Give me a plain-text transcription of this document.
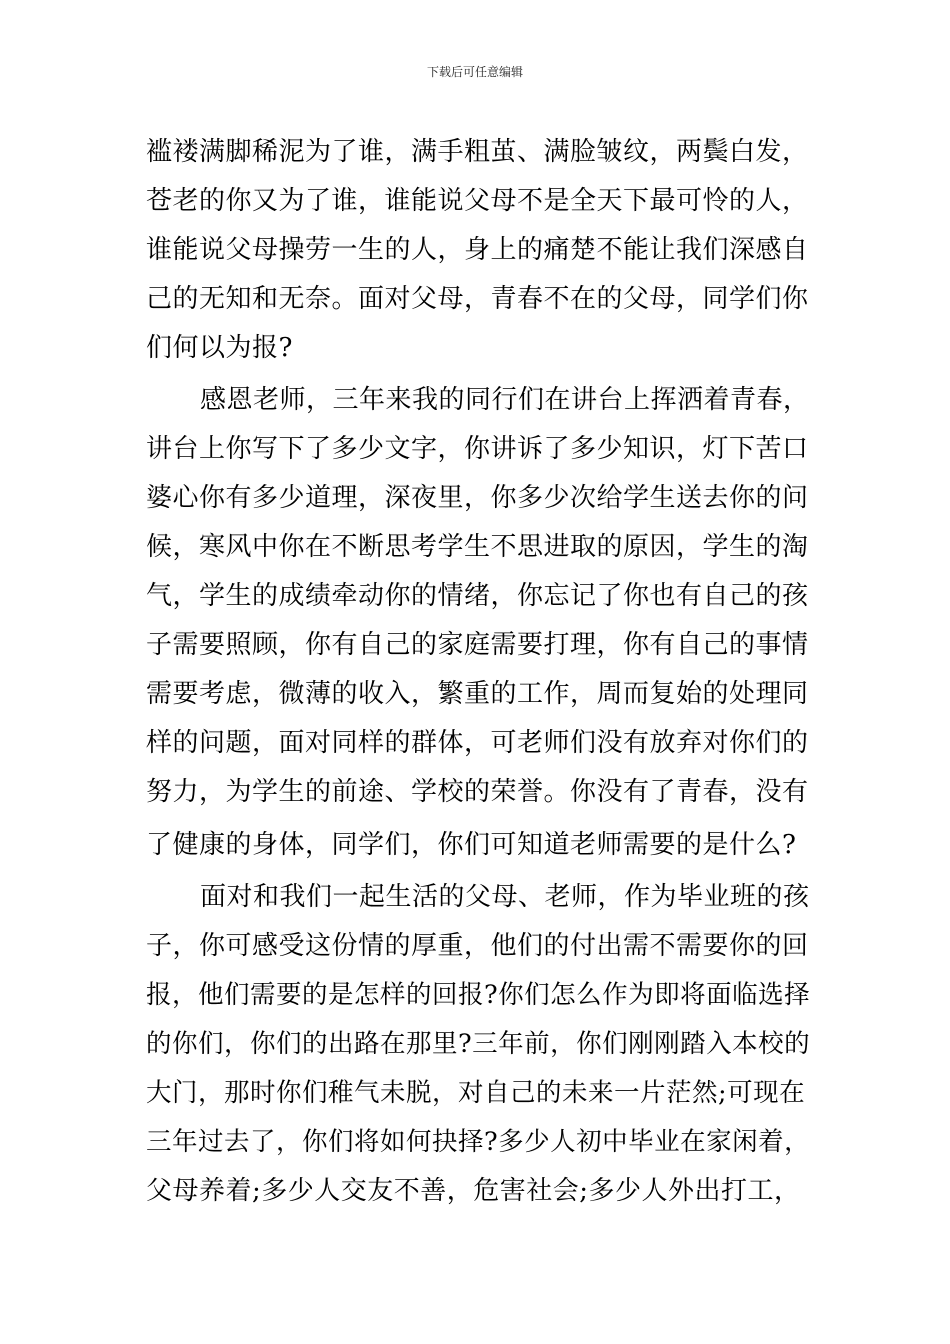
下载后可任意编辑
褴褛满脚稀泥为了谁，满手粗茧、满脸皱纹，两鬓白发，
苍老的你又为了谁，谁能说父母不是全天下最可怜的人，
谁能说父母操劳一生的人，身上的痛楚不能让我们深感自
己的无知和无奈。面对父母，青春不在的父母，同学们你
们何以为报?
感恩老师，三年来我的同行们在讲台上挥洒着青春，
讲台上你写下了多少文字，你讲诉了多少知识，灯下苦口
婆心你有多少道理，深夜里，你多少次给学生送去你的问
候，寒风中你在不断思考学生不思进取的原因，学生的淘
气，学生的成绩牵动你的情绪，你忘记了你也有自己的孩
子需要照顾，你有自己的家庭需要打理，你有自己的事情
需要考虑，微薄的收入，繁重的工作，周而复始的处理同
样的问题，面对同样的群体，可老师们没有放弃对你们的
努力，为学生的前途、学校的荣誉。你没有了青春，没有
了健康的身体，同学们，你们可知道老师需要的是什么?
面对和我们一起生活的父母、老师，作为毕业班的孩
子，你可感受这份情的厚重，他们的付出需不需要你的回
报，他们需要的是怎样的回报?你们怎么作为即将面临选择
的你们，你们的出路在那里?三年前，你们刚刚踏入本校的
大门，那时你们稚气未脱，对自己的未来一片茫然;可现在
三年过去了，你们将如何抉择?多少人初中毕业在家闲着，
父母养着;多少人交友不善，危害社会;多少人外出打工，
